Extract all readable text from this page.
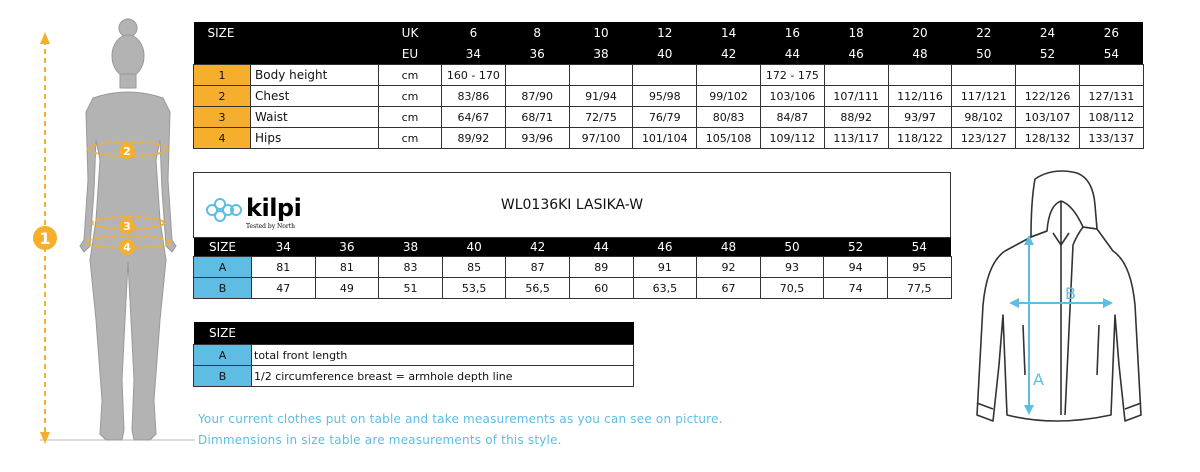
1
2
3
4
SIZE		UK	6	8	10	12	14	16	18	20	22	24	26
		EU	34	36	38	40	42	44	46	48	50	52	54
1	Body height	cm	160 - 170					172 - 175					
2	Chest	cm	83/86	87/90	91/94	95/98	99/102	103/106	107/111	112/116	117/121	122/126	127/131
3	Waist	cm	64/67	68/71	72/75	76/79	80/83	84/87	88/92	93/97	98/102	103/107	108/112
4	Hips	cm	89/92	93/96	97/100	101/104	105/108	109/112	113/117	118/122	123/127	128/132	133/137
kilpi
Tested by North
WL0136KI LASIKA-W
SIZE	34	36	38	40	42	44	46	48	50	52	54
A	81	81	83	85	87	89	91	92	93	94	95
B	47	49	51	53,5	56,5	60	63,5	67	70,5	74	77,5
SIZE	
A	total front length
B	1/2 circumference breast = armhole depth line
Your current clothes put on table and take measurements as you can see on picture.
Dimmensions in size table are measurements of this style.
A
B
